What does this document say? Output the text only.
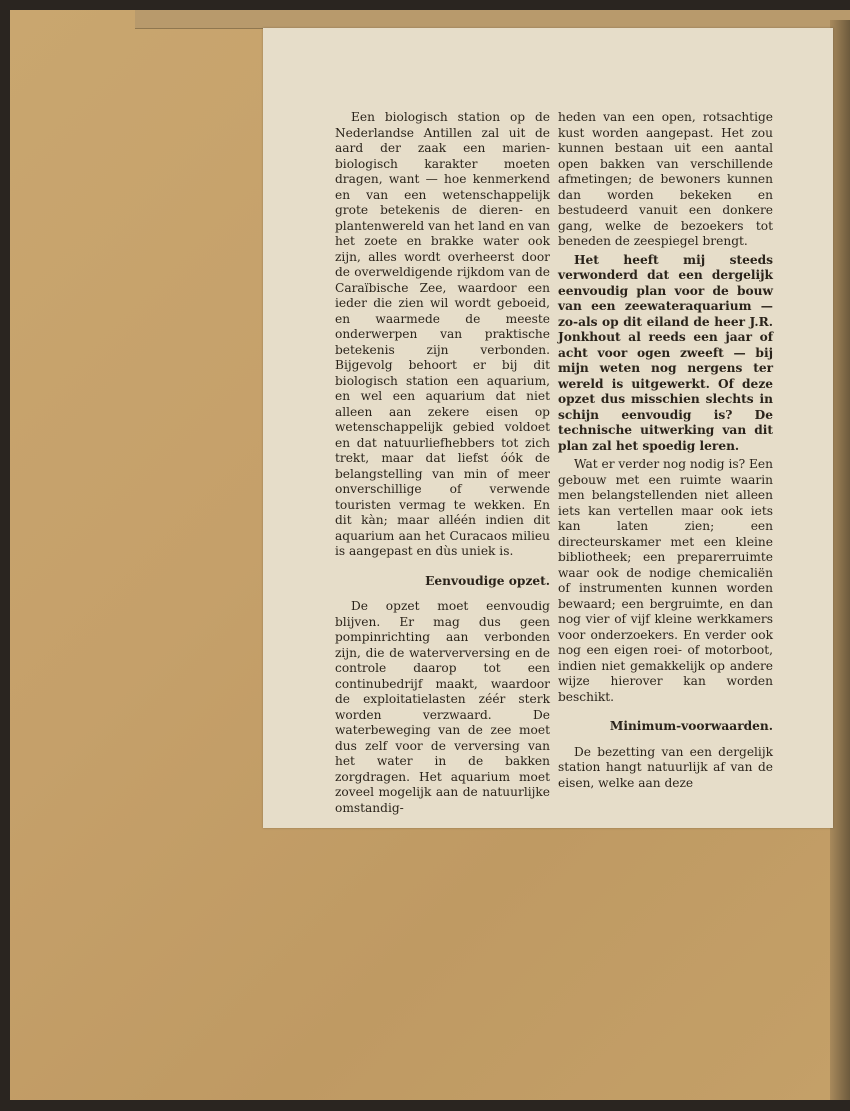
Een biologisch station op de Nederlandse Antillen zal uit de aard der zaak een marien-biologisch karakter moeten dragen, want — hoe kenmerkend en van een wetenschappelijk grote betekenis de dieren- en plantenwereld van het land en van het zoete en brakke water ook zijn, alles wordt overheerst door de overweldigende rijkdom van de Caraïbische Zee, waardoor een ieder die zien wil wordt geboeid, en waarmede de meeste onderwerpen van praktische betekenis zijn verbonden. Bijgevolg behoort er bij dit biologisch station een aquarium, en wel een aquarium dat niet alleen aan zekere eisen op wetenschappelijk gebied voldoet en dat natuurliefhebbers tot zich trekt, maar dat liefst óók de belangstelling van min of meer onverschillige of verwende touristen vermag te wekken. En dit kàn; maar alléén indien dit aquarium aan het Curacaos milieu is aangepast en dùs uniek is.

Eenvoudige opzet.

De opzet moet eenvoudig blijven. Er mag dus geen pompinrichting aan verbonden zijn, die de waterverversing en de controle daarop tot een continubedrijf maakt, waardoor de exploitatielasten zéér sterk worden verzwaard. De waterbeweging van de zee moet dus zelf voor de verversing van het water in de bakken zorgdragen. Het aquarium moet zoveel mogelijk aan de natuurlijke omstandig-

heden van een open, rotsachtige kust worden aangepast. Het zou kunnen bestaan uit een aantal open bakken van verschillende afmetingen; de bewoners kunnen dan worden bekeken en bestudeerd vanuit een donkere gang, welke de bezoekers tot beneden de zeespiegel brengt.

Het heeft mij steeds verwonderd dat een dergelijk eenvoudig plan voor de bouw van een zeewateraquarium — zo-als op dit eiland de heer J.R. Jonkhout al reeds een jaar of acht voor ogen zweeft — bij mijn weten nog nergens ter wereld is uitgewerkt. Of deze opzet dus misschien slechts in schijn eenvoudig is? De technische uitwerking van dit plan zal het spoedig leren.

Wat er verder nog nodig is? Een gebouw met een ruimte waarin men belangstellenden niet alleen iets kan vertellen maar ook iets kan laten zien; een directeurskamer met een kleine bibliotheek; een preparerruimte waar ook de nodige chemicaliën of instrumenten kunnen worden bewaard; een bergruimte, en dan nog vier of vijf kleine werkkamers voor onderzoekers. En verder ook nog een eigen roei- of motorboot, indien niet gemakkelijk op andere wijze hierover kan worden beschikt.

Minimum-voorwaarden.

De bezetting van een dergelijk station hangt natuurlijk af van de eisen, welke aan deze
